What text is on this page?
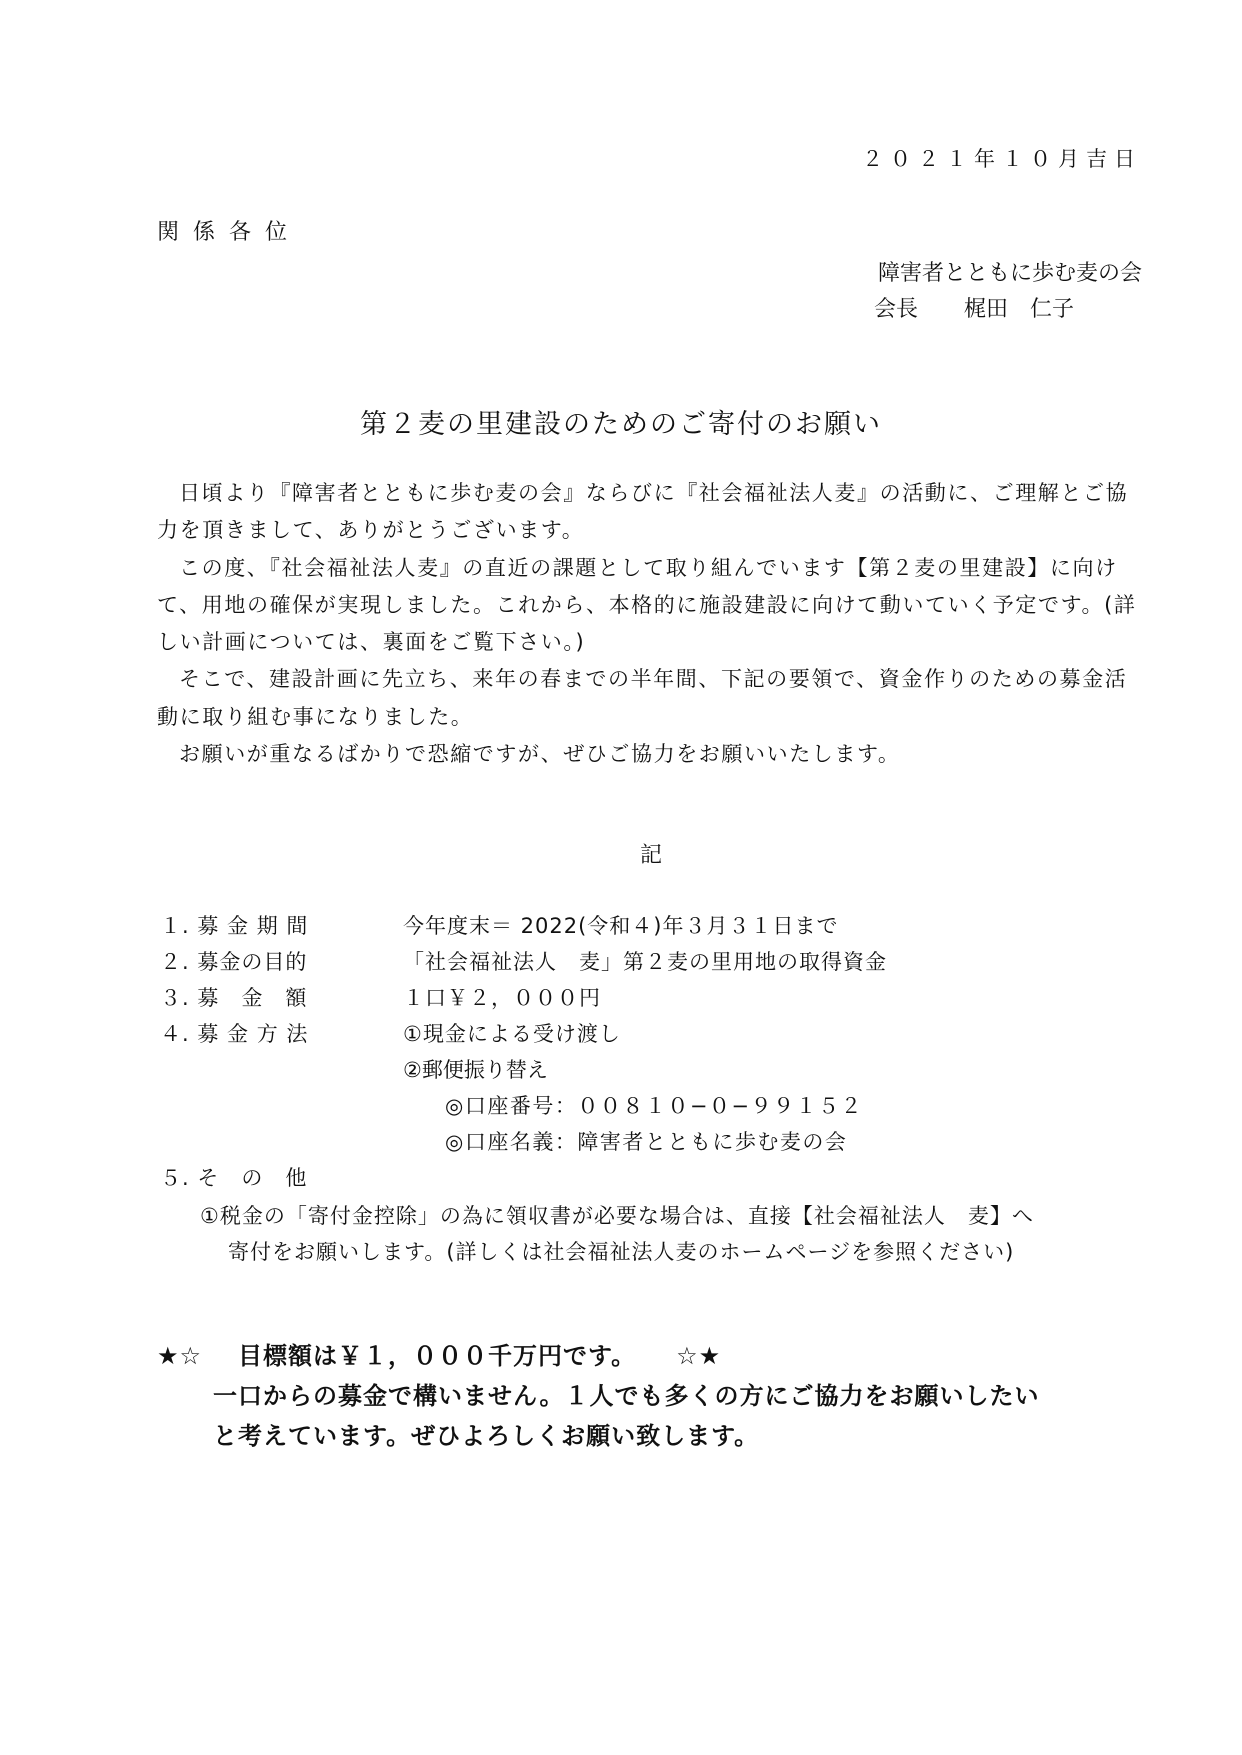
２０２１年１０月吉日
関係各位
障害者とともに歩む麦の会
会長 梶田 仁子
第２麦の里建設のためのご寄付のお願い

日頃より『障害者とともに歩む麦の会』ならびに『社会福祉法人麦』の活動に、ご理解とご協力を頂きまして、ありがとうございます。

この度、『社会福祉法人麦』の直近の課題として取り組んでいます【第２麦の里建設】に向けて、用地の確保が実現しました。これから、本格的に施設建設に向けて動いていく予定です。(詳しい計画については、裏面をご覧下さい。)

そこで、建設計画に先立ち、来年の春までの半年間、下記の要領で、資金作りのための募金活動に取り組む事になりました。

お願いが重なるばかりで恐縮ですが、ぜひご協力をお願いいたします。

記
１. 募 金 期 間	今年度末＝ 2022(令和４)年３月３１日まで
２. 募金の目的	「社会福祉法人　麦」第２麦の里用地の取得資金
３. 募　金　額	１口￥２，０００円
４. 募 金 方 法	①現金による受け渡し
②郵便振り替え
◎口座番号：００８１０−０−９９１５２
◎口座名義：障害者とともに歩む麦の会
５. そ　の　他
①税金の「寄付金控除」の為に領収書が必要な場合は、直接【社会福祉法人　麦】へ
寄付をお願いします。(詳しくは社会福祉法人麦のホームページを参照ください)
★☆ 目標額は￥１，０００千万円です。 ☆★
一口からの募金で構いません。１人でも多くの方にご協力をお願いしたい
と考えています。ぜひよろしくお願い致します。
